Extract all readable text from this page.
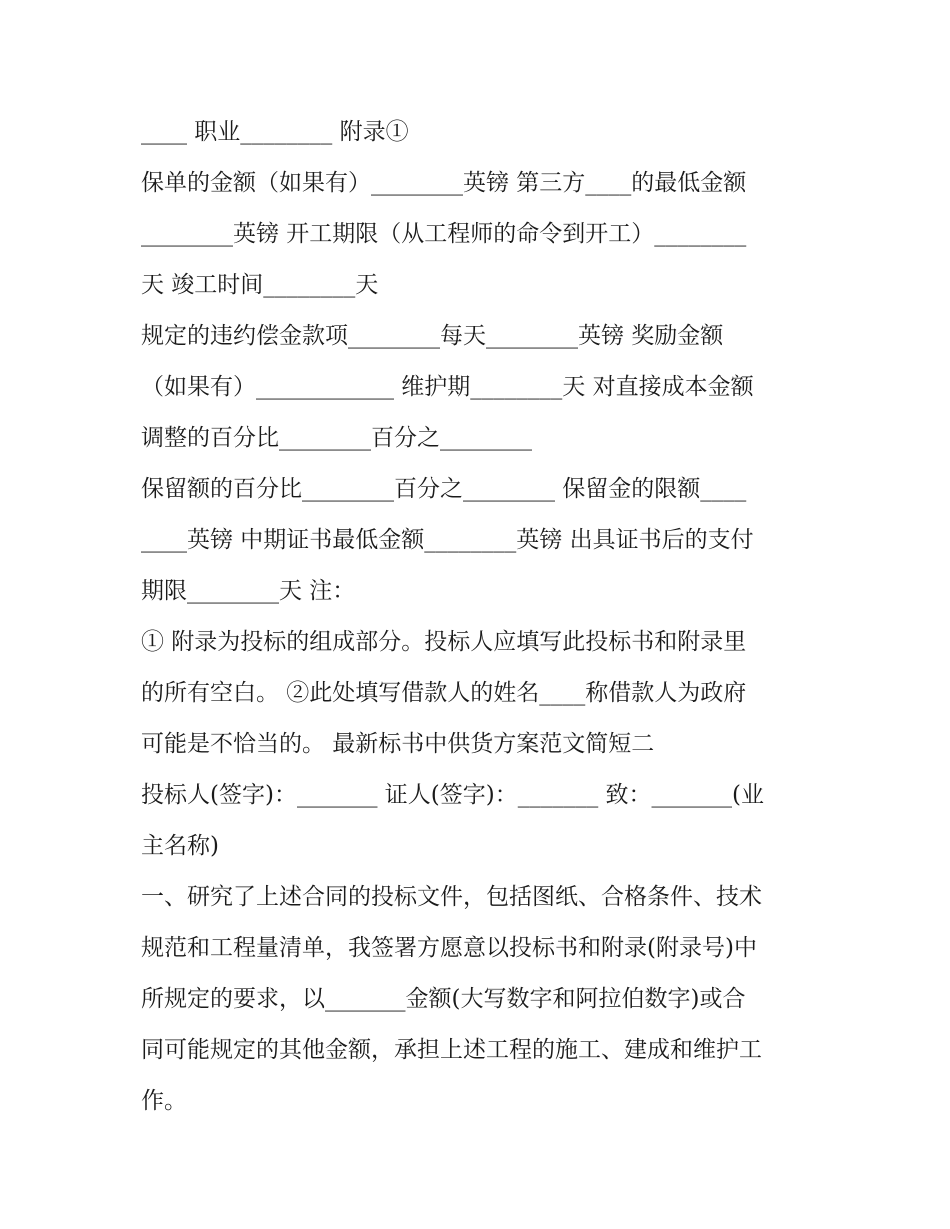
____ 职业________ 附录①
保单的金额（如果有）________英镑 第三方____的最低金额
________英镑 开工期限（从工程师的命令到开工）________
天 竣工时间________天
规定的违约偿金款项________每天________英镑 奖励金额
（如果有）____________ 维护期________天 对直接成本金额
调整的百分比________百分之________
保留额的百分比________百分之________ 保留金的限额____
____英镑 中期证书最低金额________英镑 出具证书后的支付
期限________天 注：
① 附录为投标的组成部分。投标人应填写此投标书和附录里
的所有空白。 ②此处填写借款人的姓名____称借款人为政府
可能是不恰当的。 最新标书中供货方案范文简短二
投标人(签字)：_______ 证人(签字)：_______ 致：_______(业
主名称)
一、研究了上述合同的投标文件，包括图纸、合格条件、技术
规范和工程量清单，我签署方愿意以投标书和附录(附录号)中
所规定的要求，以_______金额(大写数字和阿拉伯数字)或合
同可能规定的其他金额，承担上述工程的施工、建成和维护工
作。
